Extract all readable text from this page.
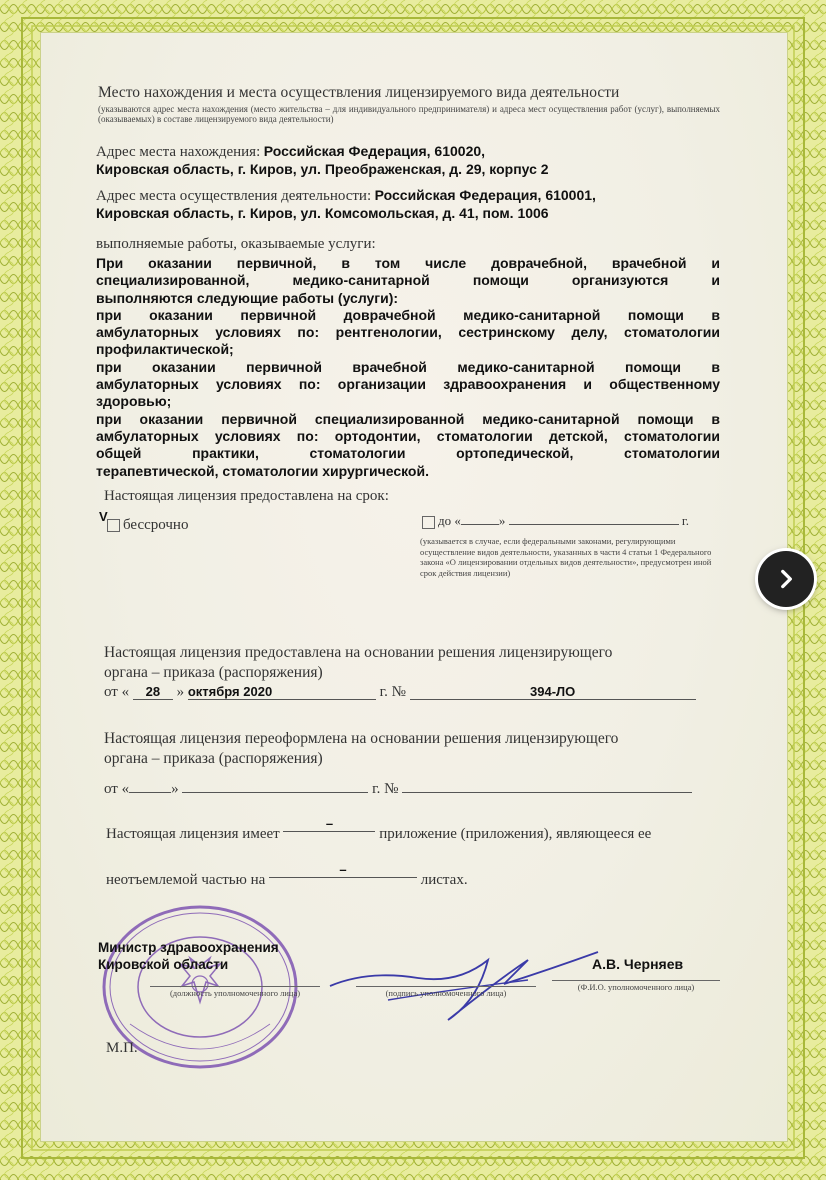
Место нахождения и места осуществления лицензируемого вида деятельности
(указываются адрес места нахождения (место жительства – для индивидуального предпринимателя) и адреса мест осуществления работ (услуг), выполняемых (оказываемых) в составе лицензируемого вида деятельности)
Адрес места нахождения: Российская Федерация, 610020,
Кировская область, г. Киров, ул. Преображенская, д. 29, корпус 2
Адрес места осуществления деятельности: Российская Федерация, 610001,
Кировская область, г. Киров, ул. Комсомольская, д. 41, пом. 1006
выполняемые работы, оказываемые услуги:
При оказании первичной, в том числе доврачебной, врачебной и
специализированной, медико-санитарной помощи организуются и
выполняются следующие работы (услуги):
при оказании первичной доврачебной медико-санитарной помощи в
амбулаторных условиях по: рентгенологии, сестринскому делу, стоматологии
профилактической;
при оказании первичной врачебной медико-санитарной помощи в
амбулаторных условиях по: организации здравоохранения и общественному
здоровью;
при оказании первичной специализированной медико-санитарной помощи в
амбулаторных условиях по: ортодонтии, стоматологии детской, стоматологии
общей практики, стоматологии ортопедической, стоматологии
терапевтической, стоматологии хирургической.
Настоящая лицензия предоставлена на срок:
V
бессрочно	до «	»	г.
(указывается в случае, если федеральными законами, регулирующими осуществление видов деятельности, указанных в части 4 статьи 1 Федерального закона «О лицензировании отдельных видов деятельности», предусмотрен иной срок действия лицензии)
Настоящая лицензия предоставлена на основании решения лицензирующего
органа – приказа (распоряжения)
от « 28 » октября 2020	г. №	394-ЛО
Настоящая лицензия переоформлена на основании решения лицензирующего
органа – приказа (распоряжения)
от «	»	г. №
Настоящая лицензия имеет – приложение (приложения), являющееся ее
неотъемлемой частью на – листах.
Министр здравоохранения
Кировской области
(должность уполномоченного лица)	(подпись уполномоченного лица)
А.В. Черняев
(Ф.И.О. уполномоченного лица)
М.П.
